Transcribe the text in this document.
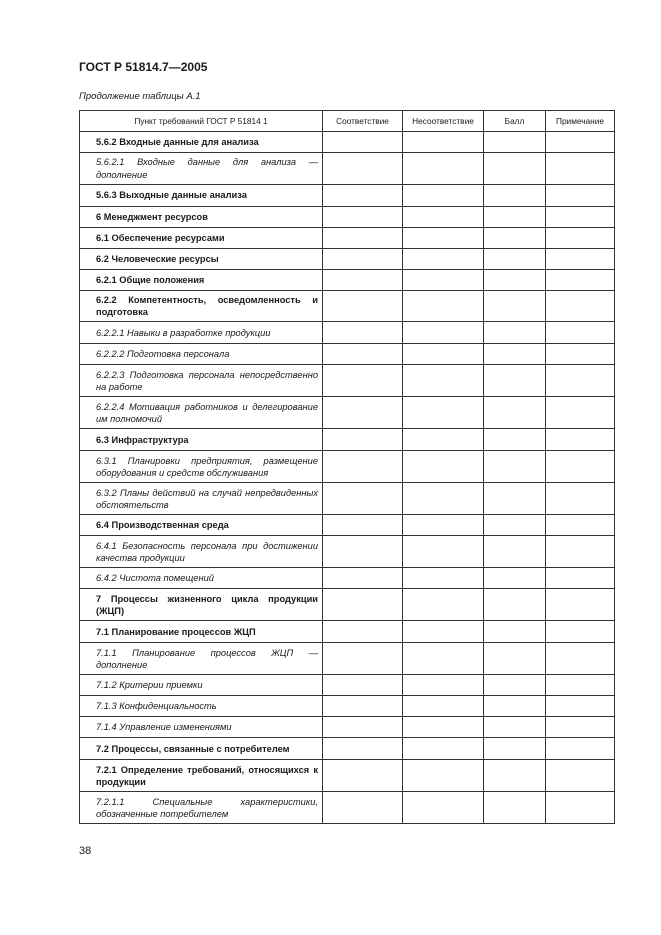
ГОСТ Р 51814.7—2005
Продолжение таблицы А.1
Пункт требований ГОСТ Р 51814 1	Соответствие	Несоответствие	Балл	Примечание
5.6.2 Входные данные для анализа				
5.6.2.1 Входные данные для анализа — дополнение				
5.6.3 Выходные данные анализа				
6 Менеджмент ресурсов				
6.1 Обеспечение ресурсами				
6.2 Человеческие ресурсы				
6.2.1 Общие положения				
6.2.2 Компетентность, осведомленность и подготовка				
6.2.2.1 Навыки в разработке продукции				
6.2.2.2 Подготовка персонала				
6.2.2.3 Подготовка персонала непосредственно на работе				
6.2.2.4 Мотивация работников и делегирование им полномочий				
6.3 Инфраструктура				
6.3.1 Планировки предприятия, размещение оборудования и средств обслуживания				
6.3.2 Планы действий на случай непредвиденных обстоятельств				
6.4 Производственная среда				
6.4.1 Безопасность персонала при достижении качества продукции				
6.4.2 Чистота помещений				
7 Процессы жизненного цикла продукции (ЖЦП)				
7.1 Планирование процессов ЖЦП				
7.1.1 Планирование процессов ЖЦП — дополнение				
7.1.2 Критерии приемки				
7.1.3 Конфиденциальность				
7.1.4 Управление изменениями				
7.2 Процессы, связанные с потребителем				
7.2.1 Определение требований, относящихся к продукции				
7.2.1.1 Специальные характеристики, обозначенные потребителем				
38
